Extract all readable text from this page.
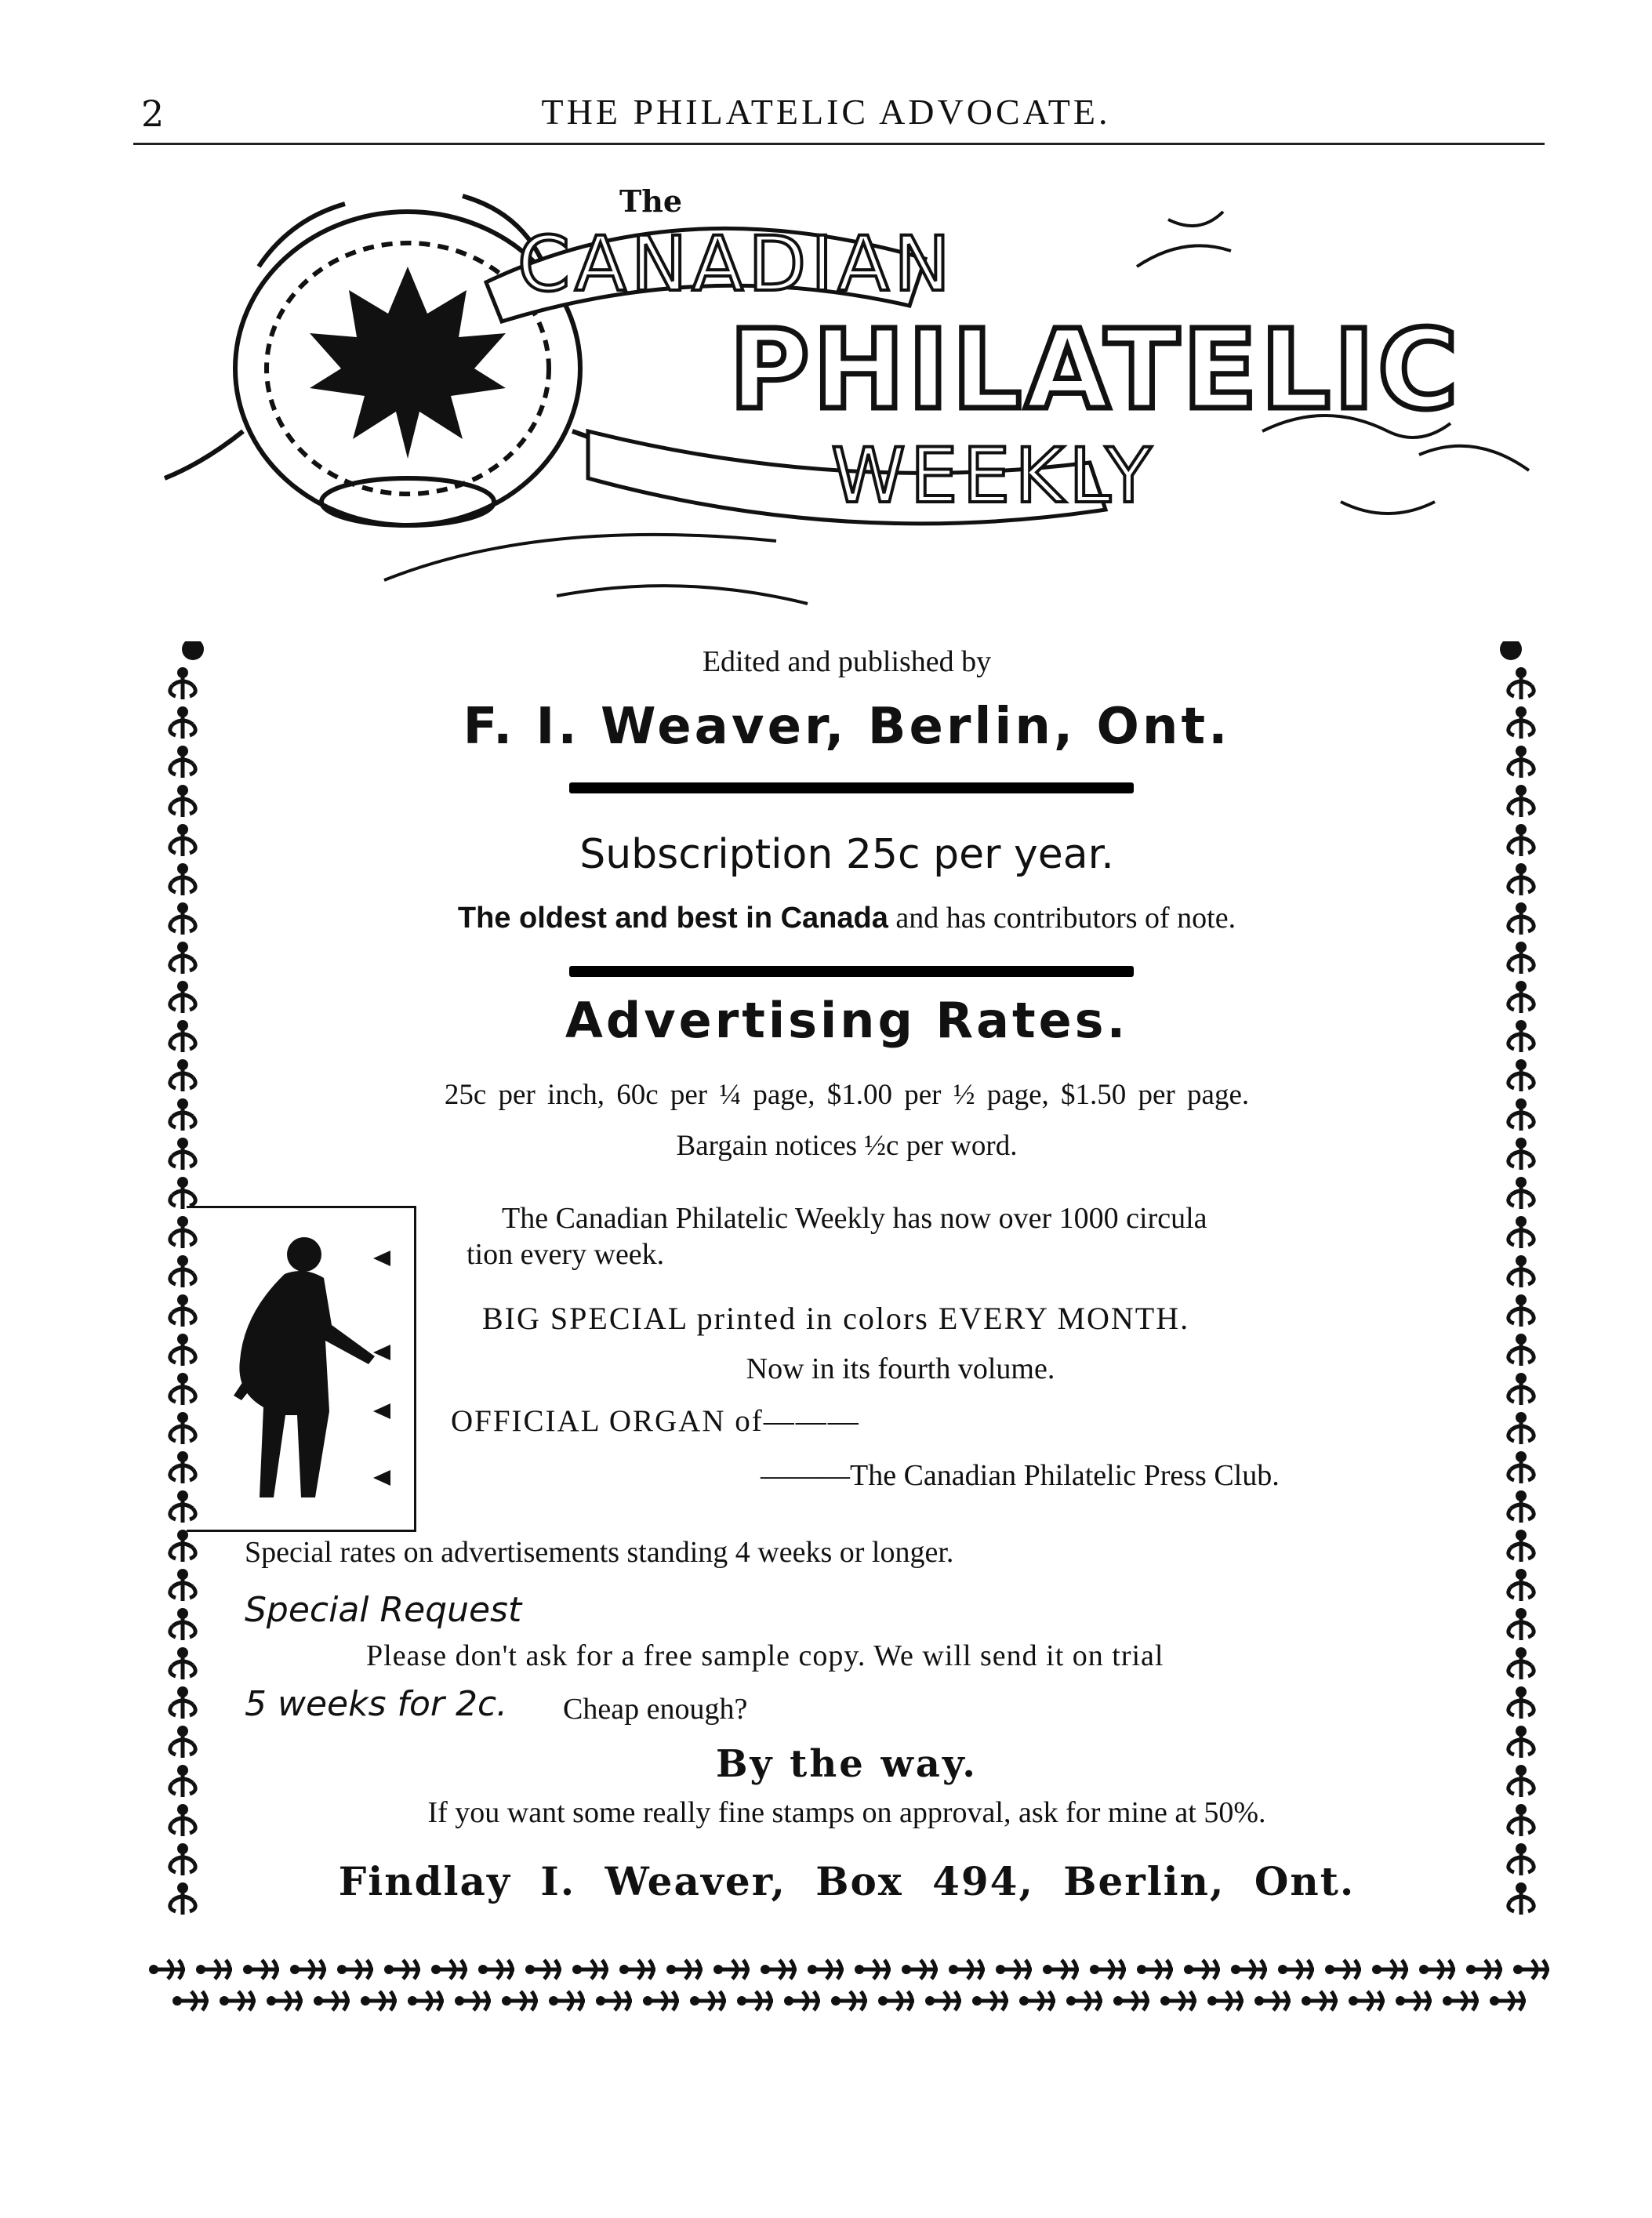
2	THE PHILATELIC ADVOCATE.
The
CANADIAN
PHILATELIC
WEEKLY
Edited and published by
F. I. Weaver, Berlin, Ont.
Subscription 25c per year.
The oldest and best in Canada and has contributors of note.
Advertising Rates.
25c per inch, 60c per ¼ page, $1.00 per ½ page, $1.50 per page.
Bargain notices ½c per word.
The Canadian Philatelic Weekly has now over 1000 circula
tion every week.
BIG SPECIAL printed in colors EVERY MONTH.
Now in its fourth volume.
OFFICIAL ORGAN of———
———The Canadian Philatelic Press Club.
Special rates on advertisements standing 4 weeks or longer.
Special Request
Please don't ask for a free sample copy. We will send it on trial
5 weeks for 2c. Cheap enough?
By the way.
If you want some really fine stamps on approval, ask for mine at 50%.
Findlay I. Weaver, Box 494, Berlin, Ont.
